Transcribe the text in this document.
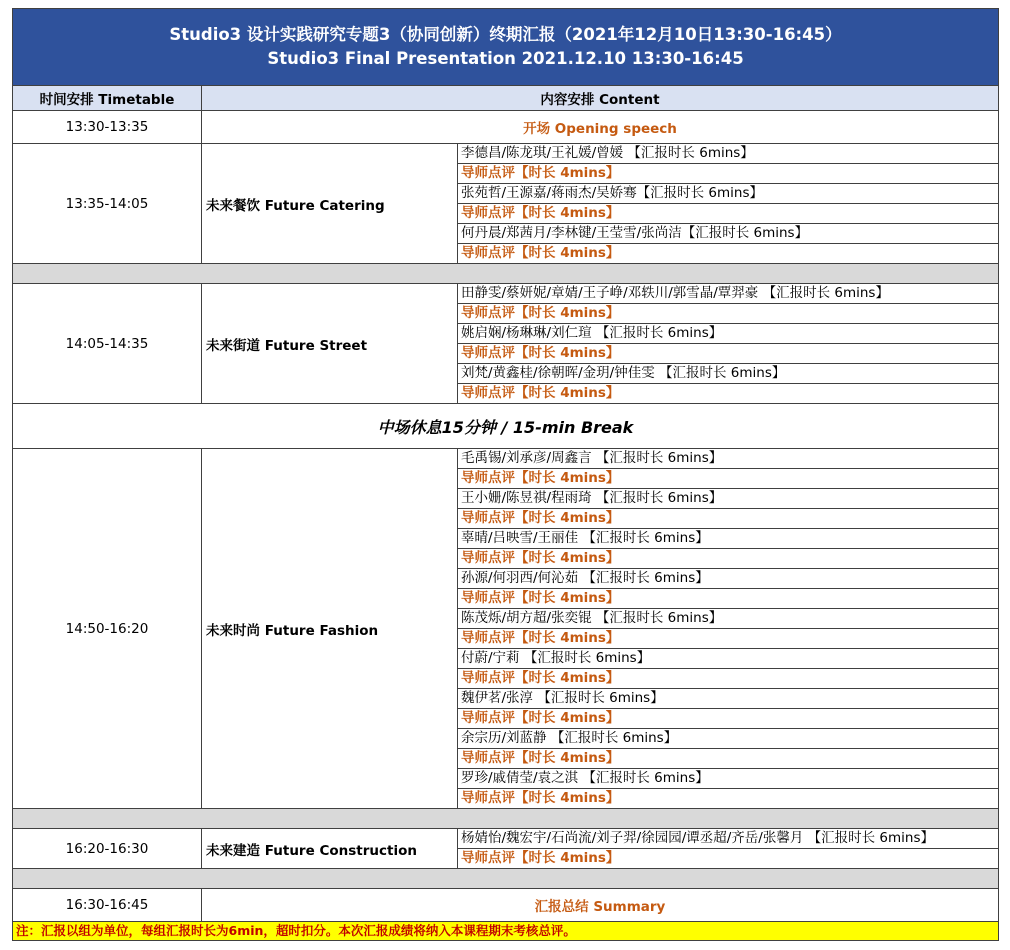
Studio3 设计实践研究专题3（协同创新）终期汇报（2021年12月10日13:30-16:45）
Studio3 Final Presentation 2021.12.10 13:30-16:45		

时间安排 Timetable	内容安排 Content	
13:30-13:35	开场 Opening speech	
13:35-14:05	未来餐饮 Future Catering	李德昌/陈龙琪/王礼媛/曾媛 【汇报时长 6mins】
		导师点评【时长 4mins】
		张苑哲/王源嘉/蒋雨杰/吴娇骞【汇报时长 6mins】
		导师点评【时长 4mins】
		何丹晨/郑茜月/李林键/王莹雪/张尚洁【汇报时长 6mins】
		导师点评【时长 4mins】

14:05-14:35	未来街道 Future Street	田静雯/蔡妍妮/章婧/王子峥/邓轶川/郭雪晶/覃羿豪 【汇报时长 6mins】
		导师点评【时长 4mins】
		姚启娴/杨琳琳/刘仁瑄 【汇报时长 6mins】
		导师点评【时长 4mins】
		刘梵/黄鑫桂/徐朝晖/金玥/钟佳雯 【汇报时长 6mins】
		导师点评【时长 4mins】
中场休息15分钟 / 15-min Break		
14:50-16:20	未来时尚 Future Fashion	毛禹锡/刘承彦/周鑫言 【汇报时长 6mins】
		导师点评【时长 4mins】
		王小姗/陈昱祺/程雨琦 【汇报时长 6mins】
		导师点评【时长 4mins】
		辜晴/吕映雪/王丽佳 【汇报时长 6mins】
		导师点评【时长 4mins】
		孙源/何羽西/何沁茹 【汇报时长 6mins】
		导师点评【时长 4mins】
		陈茂烁/胡方超/张奕锟 【汇报时长 6mins】
		导师点评【时长 4mins】
		付蔚/宁莉 【汇报时长 6mins】
		导师点评【时长 4mins】
		魏伊茗/张淳 【汇报时长 6mins】
		导师点评【时长 4mins】
		余宗历/刘蓝静 【汇报时长 6mins】
		导师点评【时长 4mins】
		罗珍/戚倩莹/袁之淇 【汇报时长 6mins】
		导师点评【时长 4mins】

16:20-16:30	未来建造 Future Construction	杨婧怡/魏宏宇/石尚流/刘子羿/徐园园/谭丞超/齐岳/张馨月 【汇报时长 6mins】
		导师点评【时长 4mins】

16:30-16:45	汇报总结 Summary	
注：汇报以组为单位，每组汇报时长为6min，超时扣分。本次汇报成绩将纳入本课程期末考核总评。		
